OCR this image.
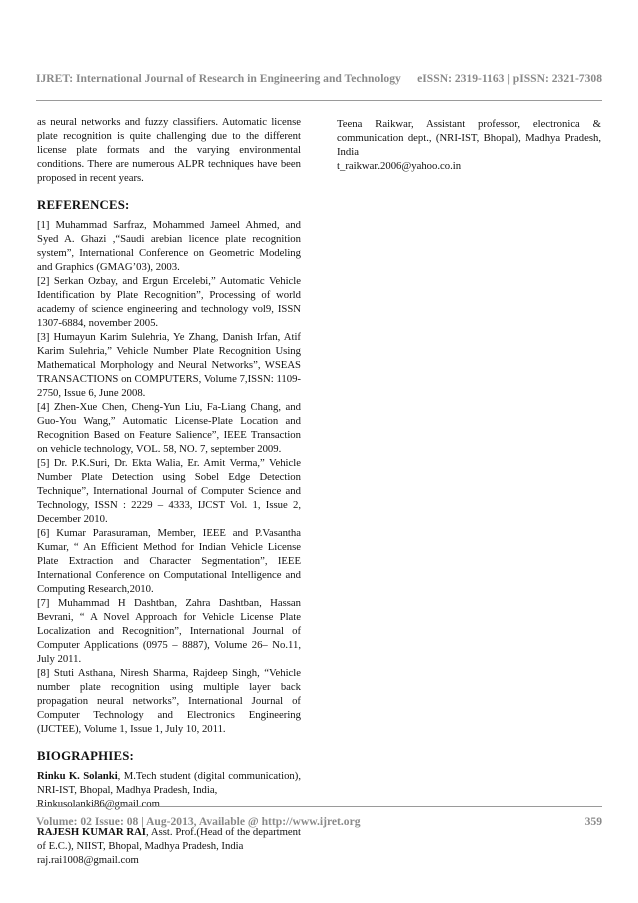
IJRET: International Journal of Research in Engineering and Technology eISSN: 2319-1163 | pISSN: 2321-7308

as neural networks and fuzzy classifiers. Automatic license plate recognition is quite challenging due to the different license plate formats and the varying environmental conditions. There are numerous ALPR techniques have been proposed in recent years.

REFERENCES:

[1] Muhammad Sarfraz, Mohammed Jameel Ahmed, and Syed A. Ghazi ,“Saudi arebian licence plate recognition system”, International Conference on Geometric Modeling and Graphics (GMAG’03), 2003.

[2] Serkan Ozbay, and Ergun Ercelebi,” Automatic Vehicle Identification by Plate Recognition”, Processing of world academy of science engineering and technology vol9, ISSN 1307-6884, november 2005.

[3] Humayun Karim Sulehria, Ye Zhang, Danish Irfan, Atif Karim Sulehria,” Vehicle Number Plate Recognition Using Mathematical Morphology and Neural Networks”, WSEAS TRANSACTIONS on COMPUTERS, Volume 7,ISSN: 1109-2750, Issue 6, June 2008.

[4] Zhen-Xue Chen, Cheng-Yun Liu, Fa-Liang Chang, and Guo-You Wang,” Automatic License-Plate Location and Recognition Based on Feature Salience”, IEEE Transaction on vehicle technology, VOL. 58, NO. 7, september 2009.

[5] Dr. P.K.Suri, Dr. Ekta Walia, Er. Amit Verma,” Vehicle Number Plate Detection using Sobel Edge Detection Technique”, International Journal of Computer Science and Technology, ISSN : 2229 – 4333, IJCST Vol. 1, Issue 2, December 2010.

[6] Kumar Parasuraman, Member, IEEE and P.Vasantha Kumar, “ An Efficient Method for Indian Vehicle License Plate Extraction and Character Segmentation”, IEEE International Conference on Computational Intelligence and Computing Research,2010.

[7] Muhammad H Dashtban, Zahra Dashtban, Hassan Bevrani, “ A Novel Approach for Vehicle License Plate Localization and Recognition”, International Journal of Computer Applications (0975 – 8887), Volume 26– No.11, July 2011.

[8] Stuti Asthana, Niresh Sharma, Rajdeep Singh, “Vehicle number plate recognition using multiple layer back propagation neural networks”, International Journal of Computer Technology and Electronics Engineering (IJCTEE), Volume 1, Issue 1, July 10, 2011.

BIOGRAPHIES:

Rinku K. Solanki, M.Tech student (digital communication), NRI-IST, Bhopal, Madhya Pradesh, India,
Rinkusolanki86@gmail.com

RAJESH KUMAR RAI, Asst. Prof.(Head of the department of E.C.), NIIST, Bhopal, Madhya Pradesh, India
raj.rai1008@gmail.com

Teena Raikwar, Assistant professor, electronica & communication dept., (NRI-IST, Bhopal), Madhya Pradesh, India
t_raikwar.2006@yahoo.co.in

Volume: 02 Issue: 08 | Aug-2013, Available @ http://www.ijret.org	359
